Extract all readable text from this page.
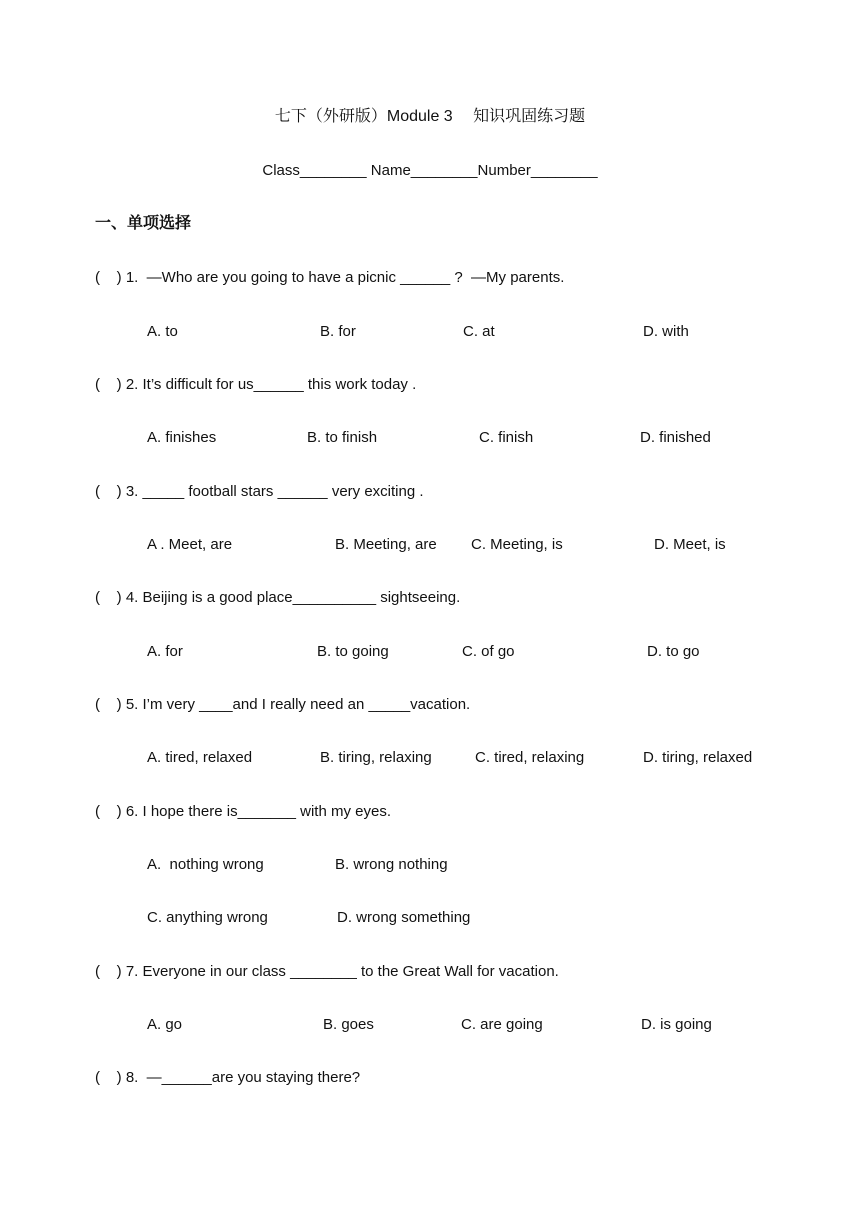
七下（外研版）Module 3　 知识巩固练习题
Class________ Name________Number________
一、单项选择
(    ) 1.  —Who are you going to have a picnic ______ ?  —My parents.
A. to	B. for	C. at	D. with
(    ) 2. It’s difficult for us______ this work today .
A. finishes	B. to finish	C. finish	D. finished
(    ) 3. _____ football stars ______ very exciting .
A . Meet, are	B. Meeting, are C. Meeting, is	D. Meet, is
(    ) 4. Beijing is a good place__________ sightseeing.
A. for	B. to going	C. of go	D. to go
(    ) 5. I’m very ____and I really need an _____vacation.
A. tired, relaxed	B. tiring, relaxing	C. tired, relaxing	D. tiring, relaxed
(    ) 6. I hope there is_______ with my eyes.
A.  nothing wrong	B. wrong nothing
C. anything wrong	D. wrong something
(    ) 7. Everyone in our class ________ to the Great Wall for vacation.
A. go	B. goes	C. are going	D. is going
(    ) 8.  —______are you staying there?
